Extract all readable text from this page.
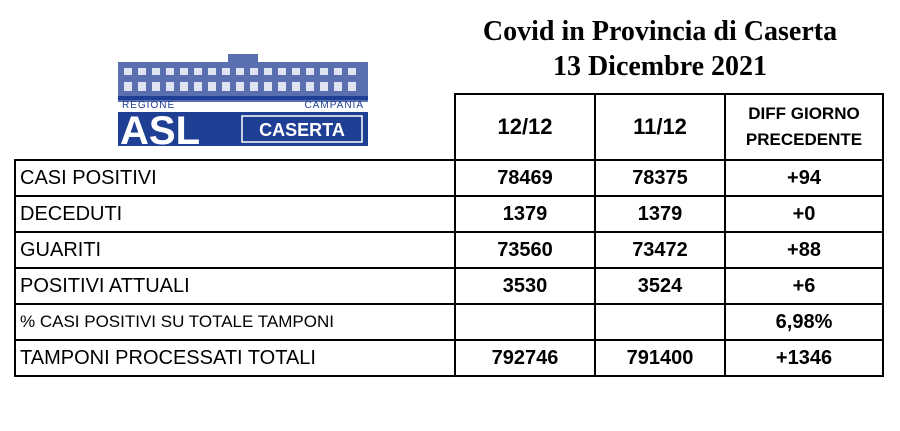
Covid in Provincia di Caserta
13 Dicembre 2021
REGIONE	CAMPANIA
ASL	CASERTA
		12/12	11/12	DIFF GIORNO
PRECEDENTE

CASI POSITIVI	78469	78375	+94
DECEDUTI	1379	1379	+0
GUARITI	73560	73472	+88
POSITIVI ATTUALI	3530	3524	+6
% CASI POSITIVI SU TOTALE TAMPONI			6,98%
TAMPONI PROCESSATI TOTALI	792746	791400	+1346
